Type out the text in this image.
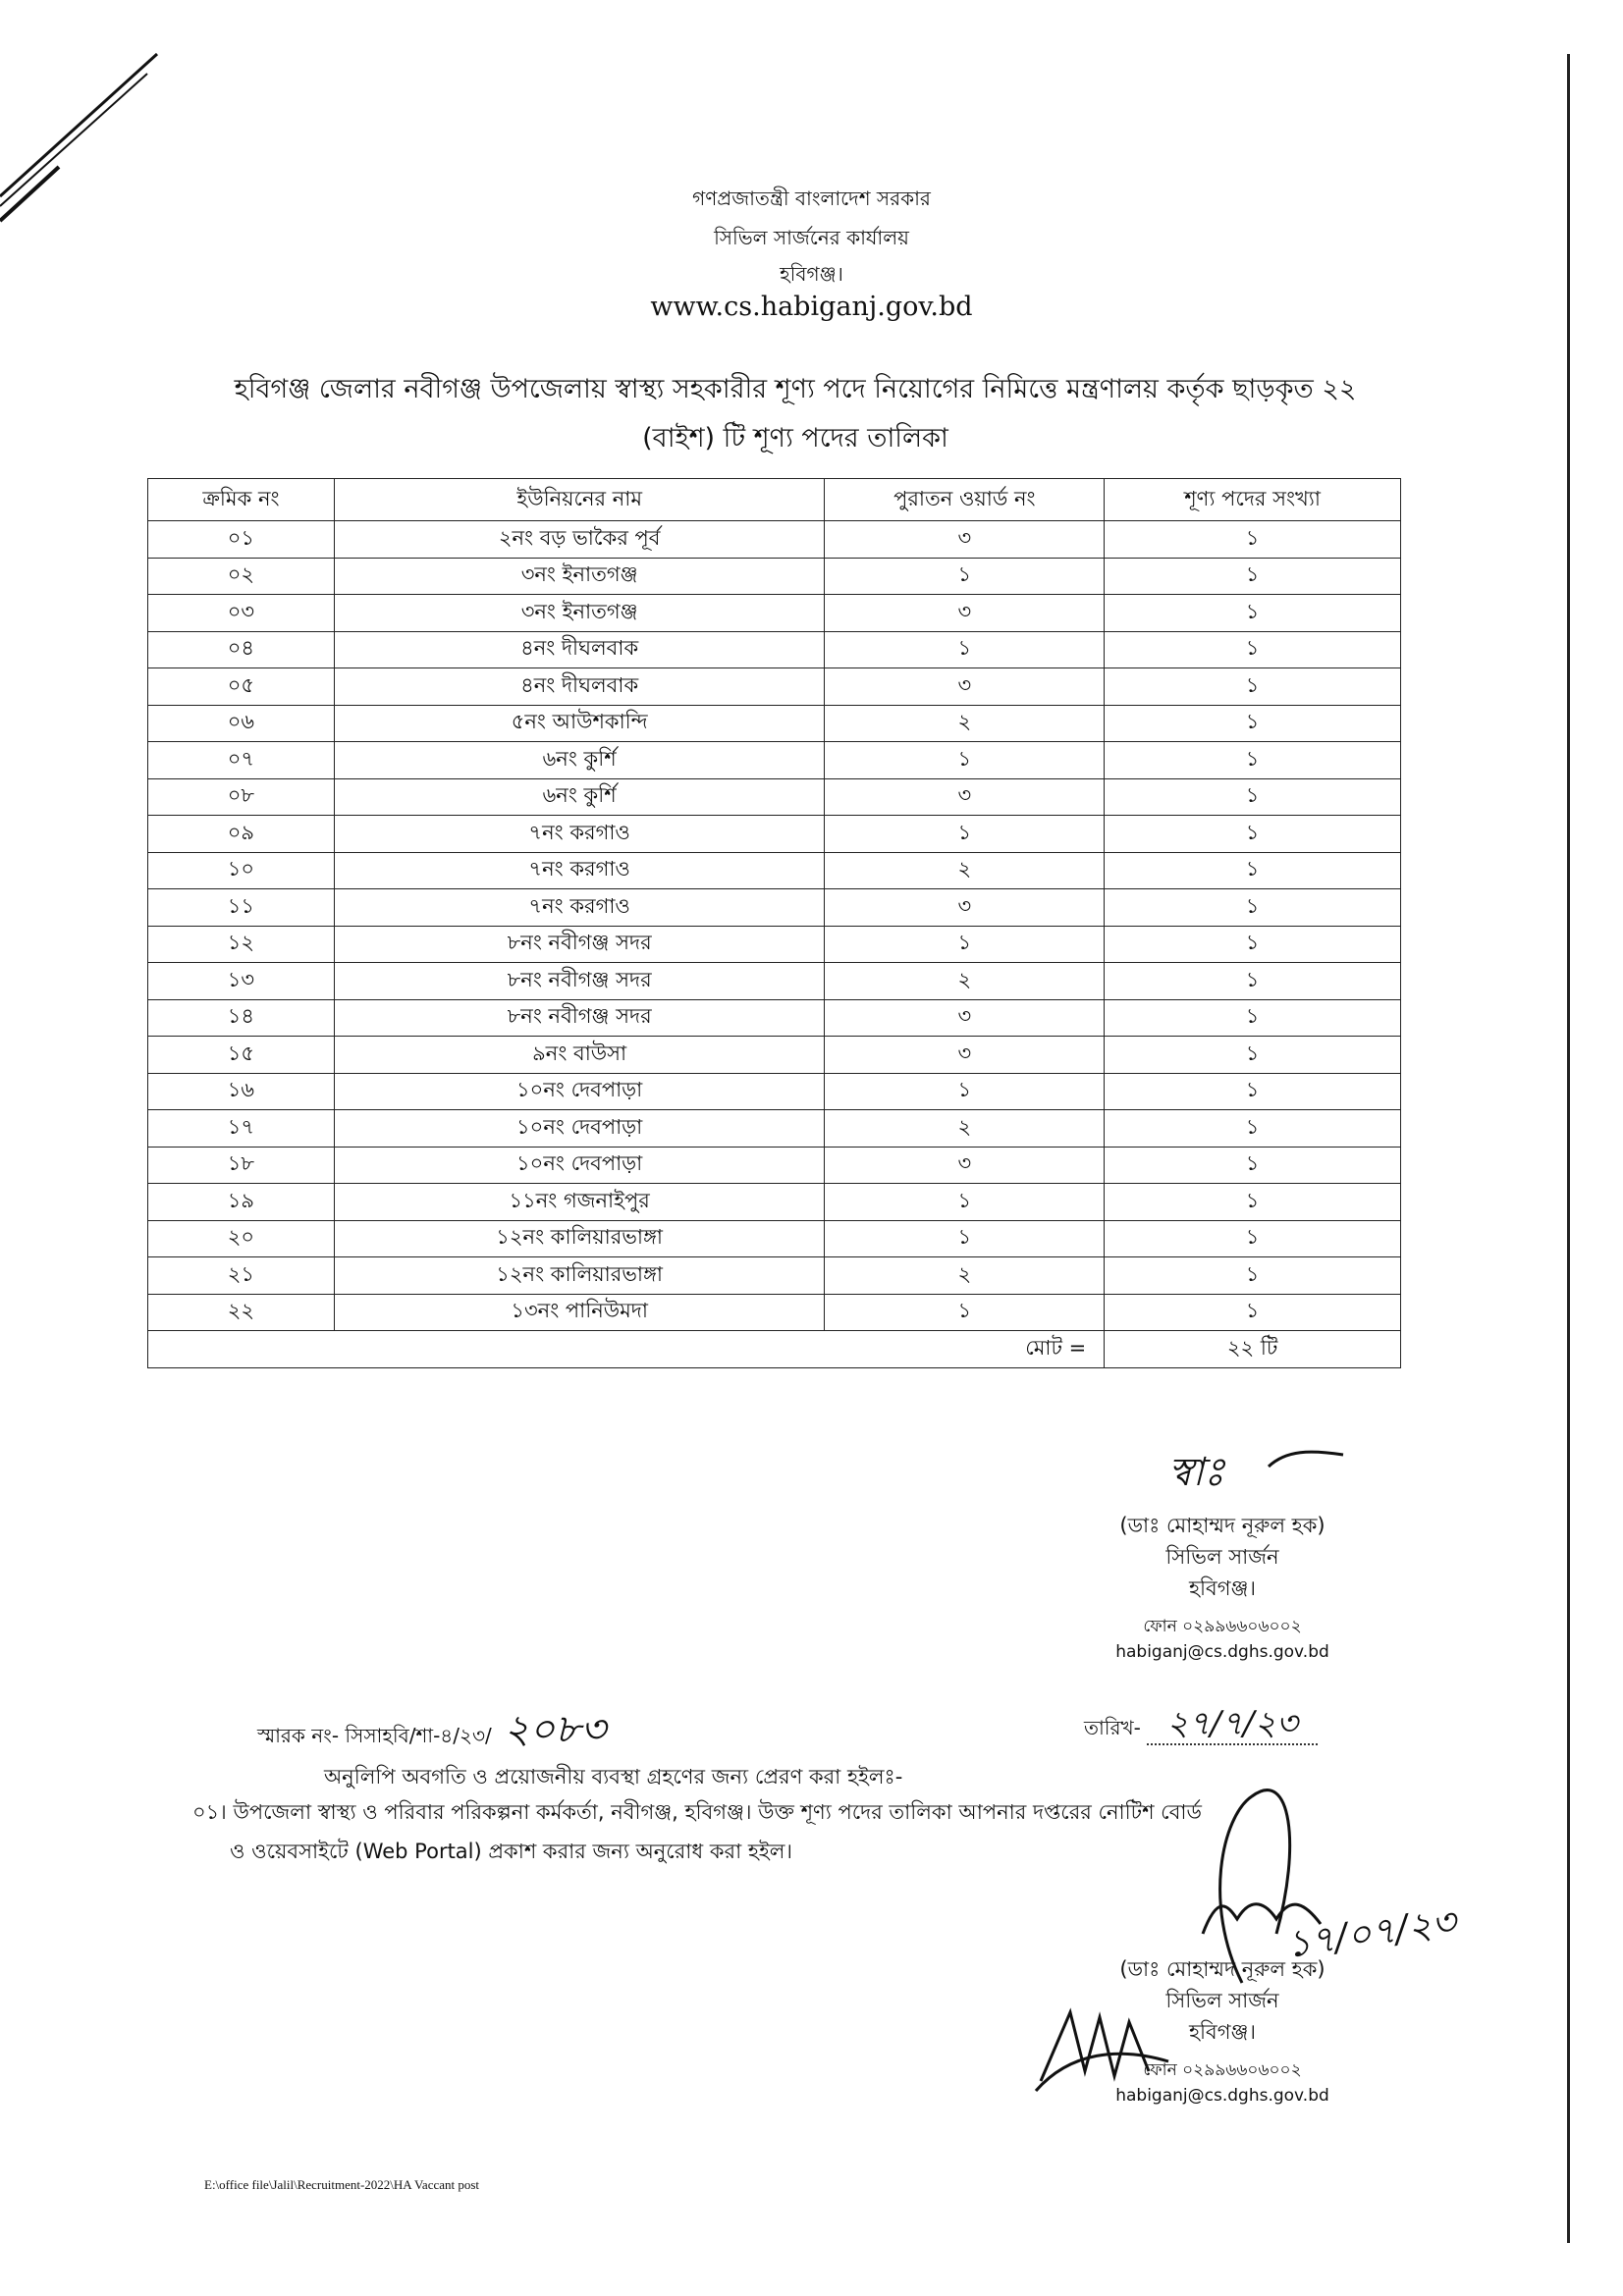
গণপ্রজাতন্ত্রী বাংলাদেশ সরকার
সিভিল সার্জনের কার্যালয়
হবিগঞ্জ।
www.cs.habiganj.gov.bd
হবিগঞ্জ জেলার নবীগঞ্জ উপজেলায় স্বাস্থ্য সহকারীর শূণ্য পদে নিয়োগের নিমিত্তে মন্ত্রণালয় কর্তৃক ছাড়কৃত ২২
(বাইশ) টি শূণ্য পদের তালিকা
ক্রমিক নং	ইউনিয়নের নাম	পুরাতন ওয়ার্ড নং	শূণ্য পদের সংখ্যা
০১	২নং বড় ভাকৈর পূর্ব	৩	১
০২	৩নং ইনাতগঞ্জ	১	১
০৩	৩নং ইনাতগঞ্জ	৩	১
০৪	৪নং দীঘলবাক	১	১
০৫	৪নং দীঘলবাক	৩	১
০৬	৫নং আউশকান্দি	২	১
০৭	৬নং কুর্শি	১	১
০৮	৬নং কুর্শি	৩	১
০৯	৭নং করগাও	১	১
১০	৭নং করগাও	২	১
১১	৭নং করগাও	৩	১
১২	৮নং নবীগঞ্জ সদর	১	১
১৩	৮নং নবীগঞ্জ সদর	২	১
১৪	৮নং নবীগঞ্জ সদর	৩	১
১৫	৯নং বাউসা	৩	১
১৬	১০নং দেবপাড়া	১	১
১৭	১০নং দেবপাড়া	২	১
১৮	১০নং দেবপাড়া	৩	১
১৯	১১নং গজনাইপুর	১	১
২০	১২নং কালিয়ারভাঙ্গা	১	১
২১	১২নং কালিয়ারভাঙ্গা	২	১
২২	১৩নং পানিউমদা	১	১
মোট =			২২ টি
স্বাঃ
(ডাঃ মোহাম্মদ নূরুল হক)
সিভিল সার্জন
হবিগঞ্জ।
ফোন ০২৯৯৬৬০৬০০২
habiganj@cs.dghs.gov.bd
স্মারক নং- সিসাহবি/শা-৪/২৩/ ২০৮৩	তারিখ- ২৭/৭/২৩
অনুলিপি অবগতি ও প্রয়োজনীয় ব্যবস্থা গ্রহণের জন্য প্রেরণ করা হইলঃ-
০১। উপজেলা স্বাস্থ্য ও পরিবার পরিকল্পনা কর্মকর্তা, নবীগঞ্জ, হবিগঞ্জ। উক্ত শূণ্য পদের তালিকা আপনার দপ্তরের নোটিশ বোর্ড
ও ওয়েবসাইটে (Web Portal) প্রকাশ করার জন্য অনুরোধ করা হইল।
১৭/০৭/২৩
(ডাঃ মোহাম্মদ নূরুল হক)
সিভিল সার্জন
হবিগঞ্জ।
ফোন ০২৯৯৬৬০৬০০২
habiganj@cs.dghs.gov.bd
E:\office file\Jalil\Recruitment-2022\HA Vaccant post
